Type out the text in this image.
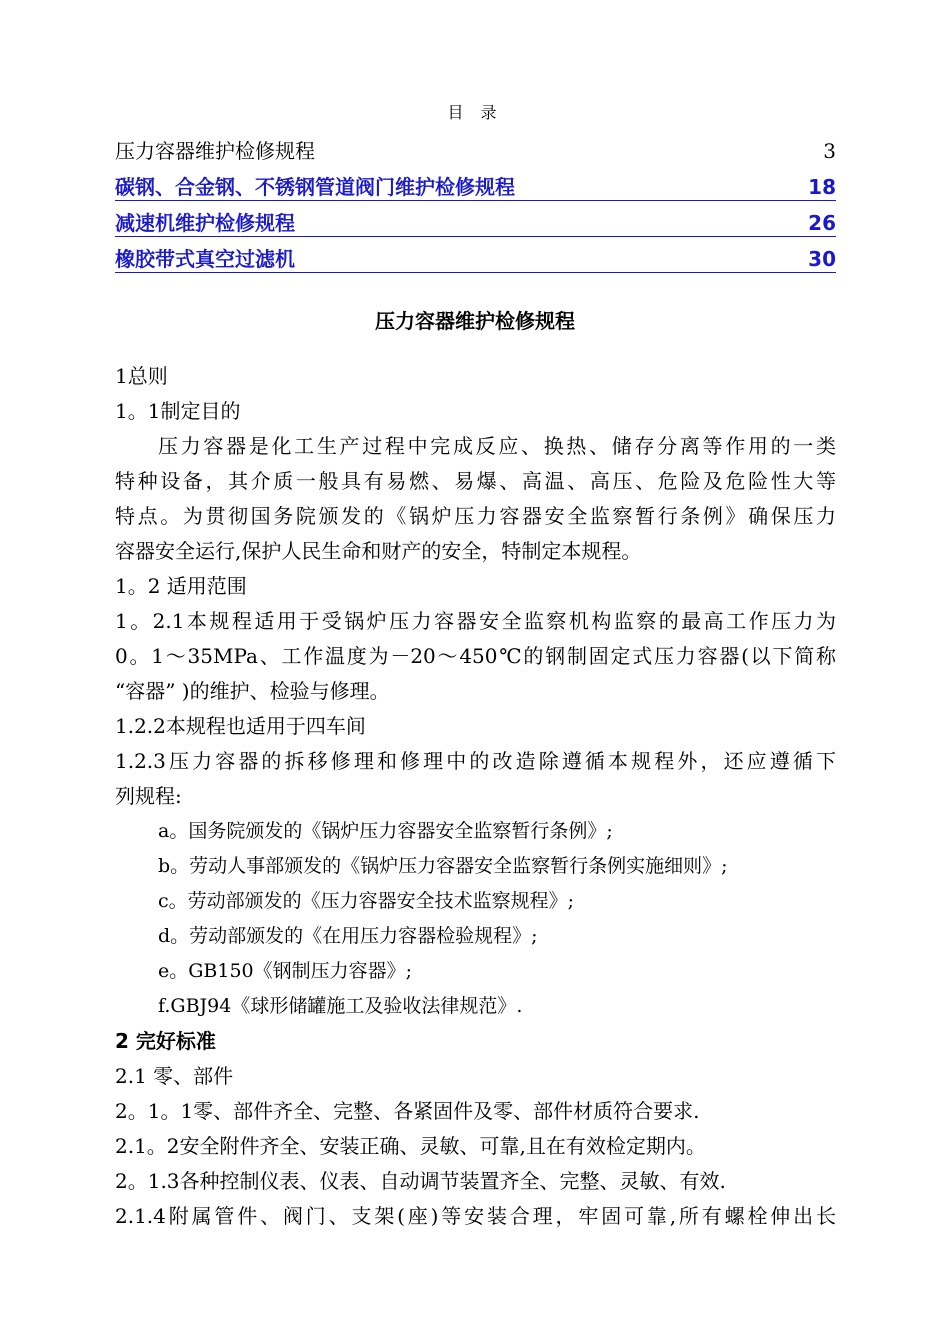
目 录
压力容器维护检修规程	3
碳钢、合金钢、不锈钢管道阀门维护检修规程	18
减速机维护检修规程	26
橡胶带式真空过滤机	30
压力容器维护检修规程
1总则
1。1制定目的
压力容器是化工生产过程中完成反应、换热、储存分离等作用的一类
特种设备，其介质一般具有易燃、易爆、高温、高压、危险及危险性大等
特点。为贯彻国务院颁发的《锅炉压力容器安全监察暂行条例》确保压力
容器安全运行,保护人民生命和财产的安全，特制定本规程。
1。2 适用范围
1。2.1本规程适用于受锅炉压力容器安全监察机构监察的最高工作压力为
0。1～35MPa、工作温度为－20～450℃的钢制固定式压力容器(以下简称
“容器” )的维护、检验与修理。
1.2.2本规程也适用于四车间
1.2.3压力容器的拆移修理和修理中的改造除遵循本规程外，还应遵循下
列规程:
a。国务院颁发的《锅炉压力容器安全监察暂行条例》;
b。劳动人事部颁发的《锅炉压力容器安全监察暂行条例实施细则》;
c。劳动部颁发的《压力容器安全技术监察规程》;
d。劳动部颁发的《在用压力容器检验规程》;
e。GB150《钢制压力容器》;
f.GBJ94《球形储罐施工及验收法律规范》.
2 完好标准
2.1 零、部件
2。1。1零、部件齐全、完整、各紧固件及零、部件材质符合要求.
2.1。2安全附件齐全、安装正确、灵敏、可靠,且在有效检定期内。
2。1.3各种控制仪表、仪表、自动调节装置齐全、完整、灵敏、有效.
2.1.4附属管件、阀门、支架(座)等安装合理，牢固可靠,所有螺栓伸出长
